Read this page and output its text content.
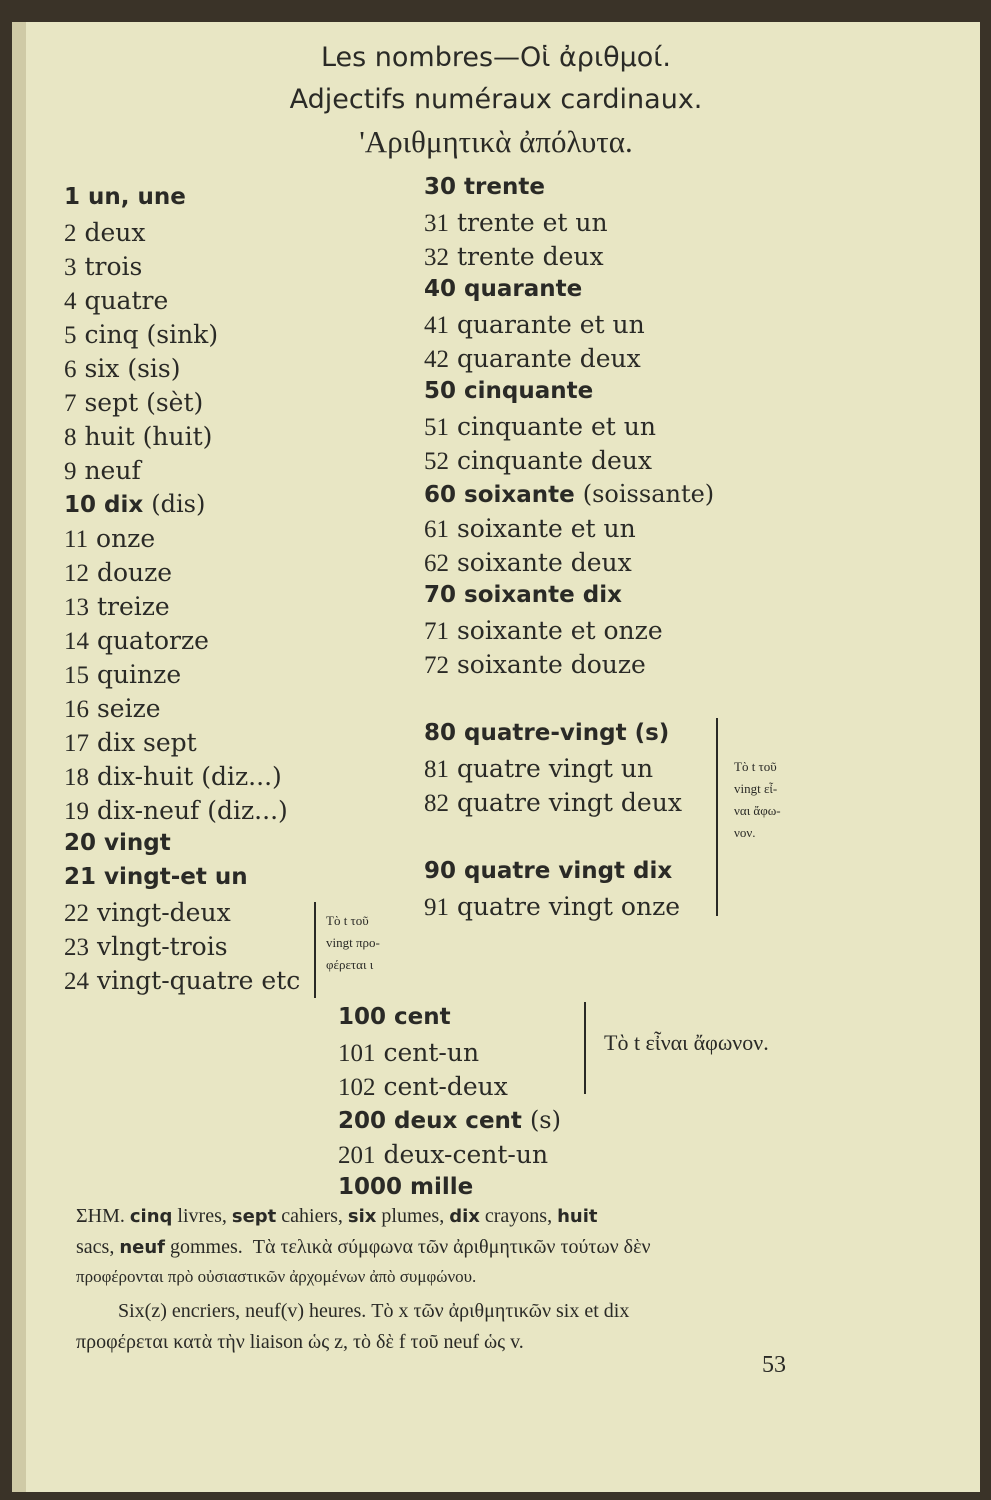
Les nombres—Οἱ ἀριθμοί.
Adjectifs numéraux cardinaux.
'Αριθμητικὰ ἀπόλυτα.
1 un, une
2 deux
3 trois
4 quatre
5 cinq (sink)
6 six (sis)
7 sept (sèt)
8 huit (huit)
9 neuf
10 dix (dis)
11 onze
12 douze
13 treize
14 quatorze
15 quinze
16 seize
17 dix sept
18 dix-huit (diz...)
19 dix-neuf (diz...)
20 vingt
21 vingt-et un
22 vingt-deux
23 vlngt-trois
24 vingt-quatre etc
30 trente
31 trente et un
32 trente deux
40 quarante
41 quarante et un
42 quarante deux
50 cinquante
51 cinquante et un
52 cinquante deux
60 soixante (soissante)
61 soixante et un
62 soixante deux
70 soixante dix
71 soixante et onze
72 soixante douze
80 quatre-vingt (s)
81 quatre vingt un
82 quatre vingt deux
90 quatre vingt dix
91 quatre vingt onze
100 cent
101 cent-un
102 cent-deux
200 deux cent (s)
201 deux-cent-un
1000 mille
Τὸ t τοῦ
vingt προ-
φέρεται ι
Τὸ t τοῦ
vingt εἶ-
ναι ἄφω-
νον.
Τὸ t εἶναι ἄφωνον.
ΣΗΜ. cinq livres, sept cahiers, six plumes, dix crayons, huit
sacs, neuf gommes.  Τὰ τελικὰ σύμφωνα τῶν ἀριθμητικῶν τούτων δὲν
προφέρονται πρὸ οὐσιαστικῶν ἀρχομένων ἀπὸ συμφώνου.
Six(z) encriers, neuf(v) heures. Τὸ x τῶν ἀριθμητικῶν six et dix
προφέρεται κατὰ τὴν liaison ὡς z, τὸ δὲ f τοῦ neuf ὡς v.
53
